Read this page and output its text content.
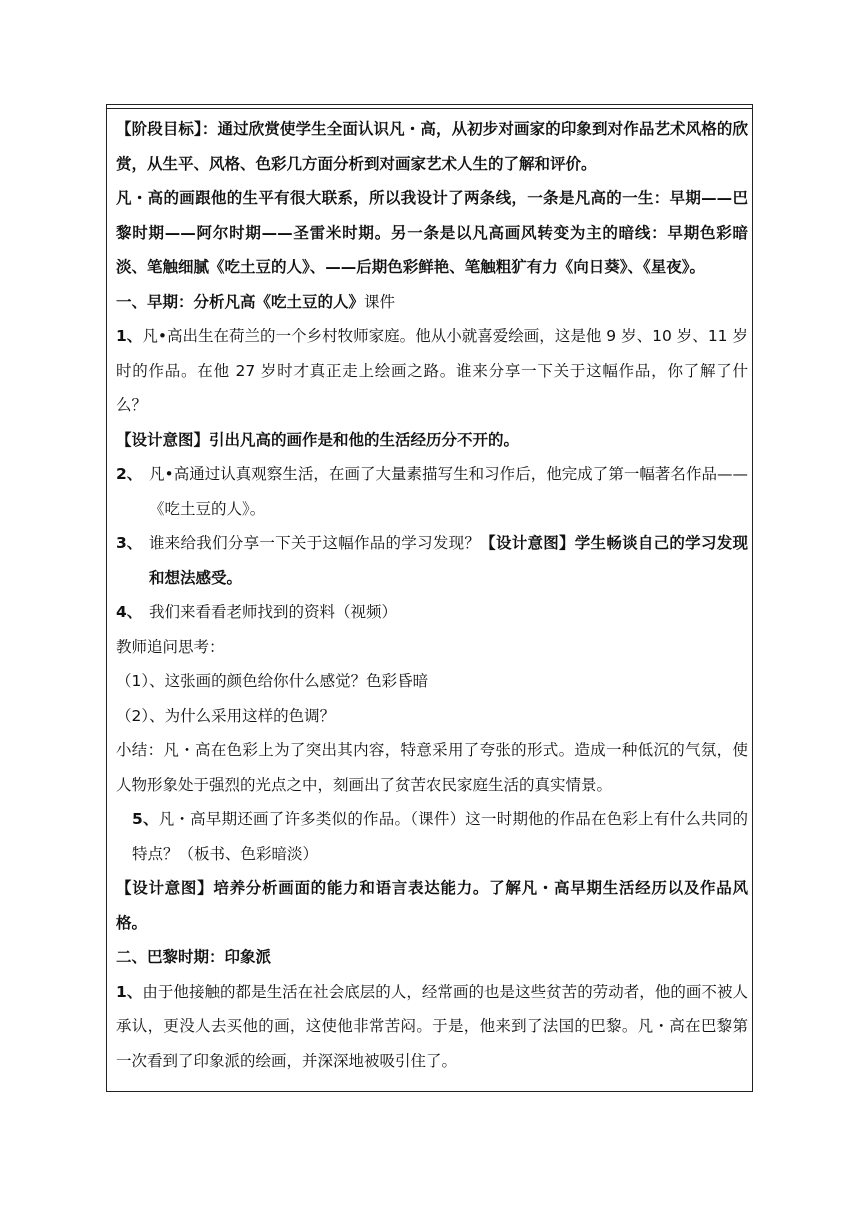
【阶段目标】：通过欣赏使学生全面认识凡・高，从初步对画家的印象到对作品艺术风格的欣赏，从生平、风格、色彩几方面分析到对画家艺术人生的了解和评价。

凡・高的画跟他的生平有很大联系，所以我设计了两条线，一条是凡高的一生：早期——巴黎时期——阿尔时期——圣雷米时期。另一条是以凡高画风转变为主的暗线：早期色彩暗淡、笔触细腻《吃土豆的人》、——后期色彩鲜艳、笔触粗犷有力《向日葵》、《星夜》。

一、早期：分析凡高《吃土豆的人》课件

1、凡•高出生在荷兰的一个乡村牧师家庭。他从小就喜爱绘画，这是他 9 岁、10 岁、11 岁时的作品。在他 27 岁时才真正走上绘画之路。谁来分享一下关于这幅作品，你了解了什么？

【设计意图】引出凡高的画作是和他的生活经历分不开的。

2、 凡•高通过认真观察生活，在画了大量素描写生和习作后，他完成了第一幅著名作品——《吃土豆的人》。
3、 谁来给我们分享一下关于这幅作品的学习发现？【设计意图】学生畅谈自己的学习发现和想法感受。
4、 我们来看看老师找到的资料（视频）

教师追问思考：

（1）、这张画的颜色给你什么感觉？色彩昏暗

（2）、为什么采用这样的色调？

小结：凡・高在色彩上为了突出其内容，特意采用了夸张的形式。造成一种低沉的气氛，使人物形象处于强烈的光点之中，刻画出了贫苦农民家庭生活的真实情景。

5、凡・高早期还画了许多类似的作品。（课件）这一时期他的作品在色彩上有什么共同的特点？（板书、色彩暗淡）

【设计意图】培养分析画面的能力和语言表达能力。了解凡・高早期生活经历以及作品风格。

二、巴黎时期：印象派

1、由于他接触的都是生活在社会底层的人，经常画的也是这些贫苦的劳动者，他的画不被人承认，更没人去买他的画，这使他非常苦闷。于是，他来到了法国的巴黎。凡・高在巴黎第一次看到了印象派的绘画，并深深地被吸引住了。
